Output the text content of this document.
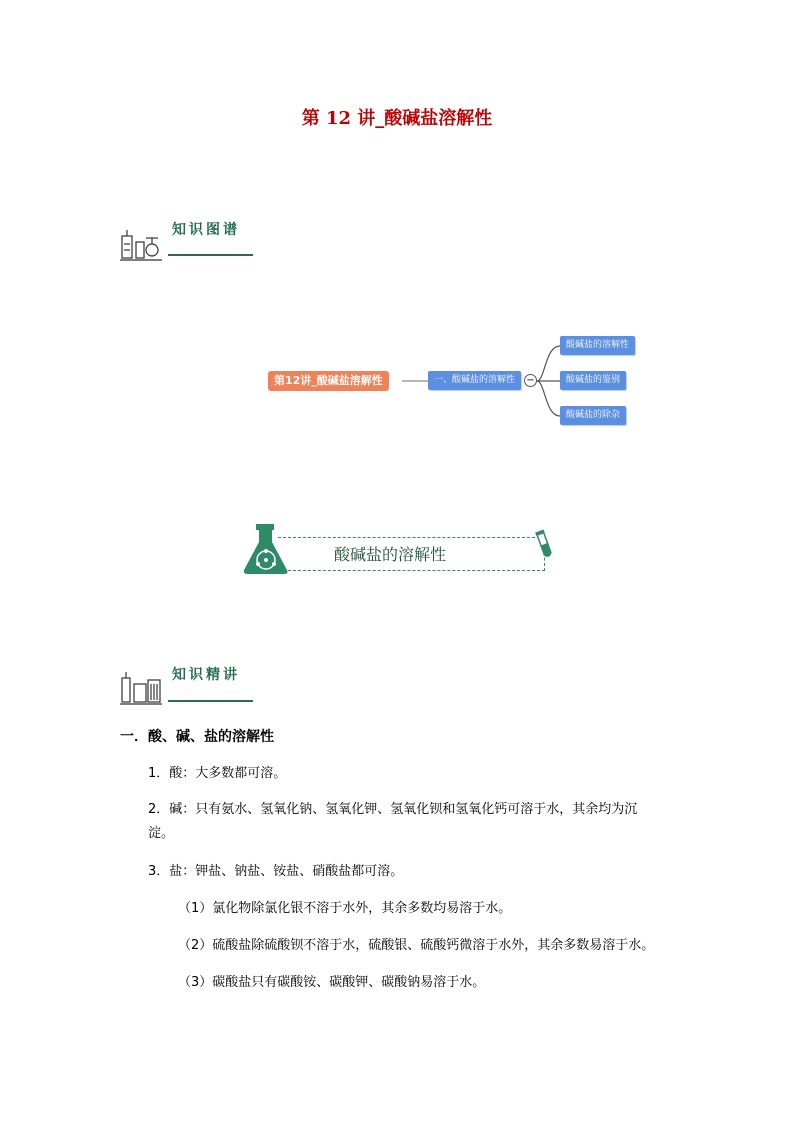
第 12 讲_酸碱盐溶解性
知识图谱
第12讲_酸碱盐溶解性	一、酸碱盐的溶解性	−
酸碱盐的溶解性
酸碱盐的鉴别
酸碱盐的除杂
酸碱盐的溶解性
知识精讲
一．酸、碱、盐的溶解性
1．酸：大多数都可溶。
2．碱：只有氨水、氢氧化钠、氢氧化钾、氢氧化钡和氢氧化钙可溶于水，其余均为沉
淀。
3．盐：钾盐、钠盐、铵盐、硝酸盐都可溶。
（1）氯化物除氯化银不溶于水外，其余多数均易溶于水。
（2）硫酸盐除硫酸钡不溶于水，硫酸银、硫酸钙微溶于水外，其余多数易溶于水。
（3）碳酸盐只有碳酸铵、碳酸钾、碳酸钠易溶于水。
